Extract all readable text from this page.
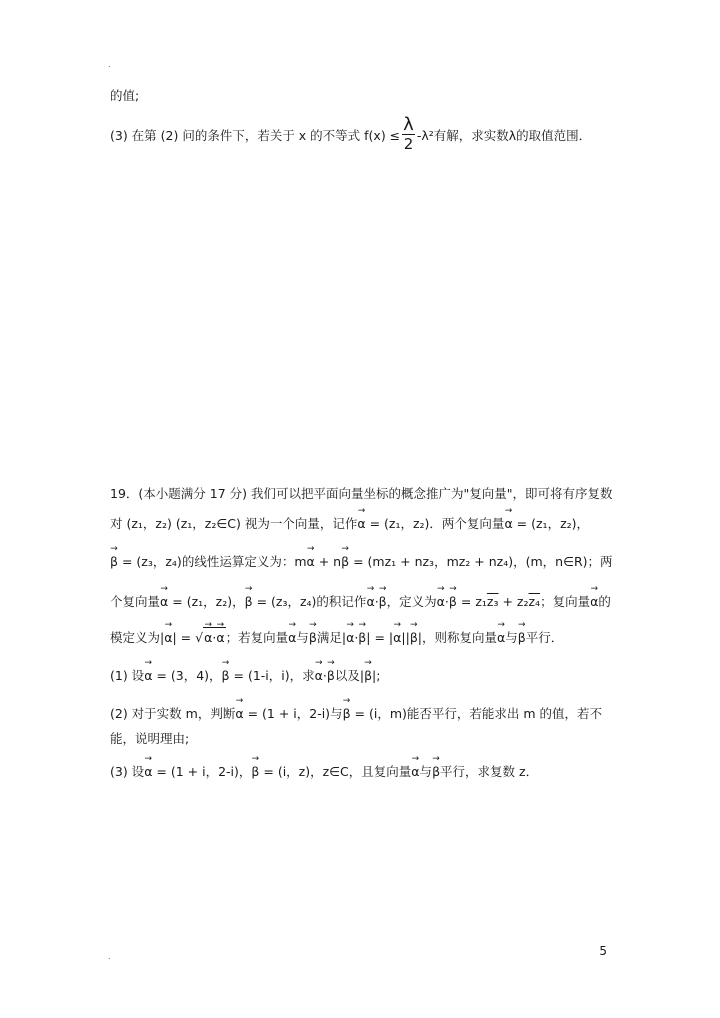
.
的值;
(3) 在第 (2) 问的条件下，若关于 x 的不等式 $f(x) \le \frac{\lambda}{2} -\lambda^2$有解，求实数λ的取值范围．
19．(本小题满分 17 分) 我们可以把平面向量坐标的概念推广为"复向量"，即可将有序复数
对 (z₁，z₂) (z₁，z₂∈C) 视为一个向量，记作→ α = (z₁，z₂)．两个复向量→ α = (z₁，z₂)，
→ β = (z₃，z₄)的线性运算定义为：m→ α + n→ β = (mz₁ + nz₃，mz₂ + nz₄)，(m，n∈R)；两
个复向量→ α = (z₁，z₂)，→ β = (z₃，z₄)的积记作→ α·→ β，定义为→ α·→ β = z₁z₃ + z₂z₄；复向量→ α的
模定义为|→ α| = √→ α·→ α；若复向量→ α与→ β满足|→ α·→ β| = |→ α||→ β|，则称复向量→ α与→ β平行．
(1) 设→ α = (3，4)，→ β = (1-i，i)，求→ α·→ β以及|→ β|;
(2) 对于实数 m，判断→ α = (1 + i，2-i)与→ β = (i，m)能否平行，若能求出 m 的值，若不
能，说明理由;
(3) 设→ α = (1 + i，2-i)，→ β = (i，z)，z∈C，且复向量→ α与→ β平行，求复数 z．
.	5
